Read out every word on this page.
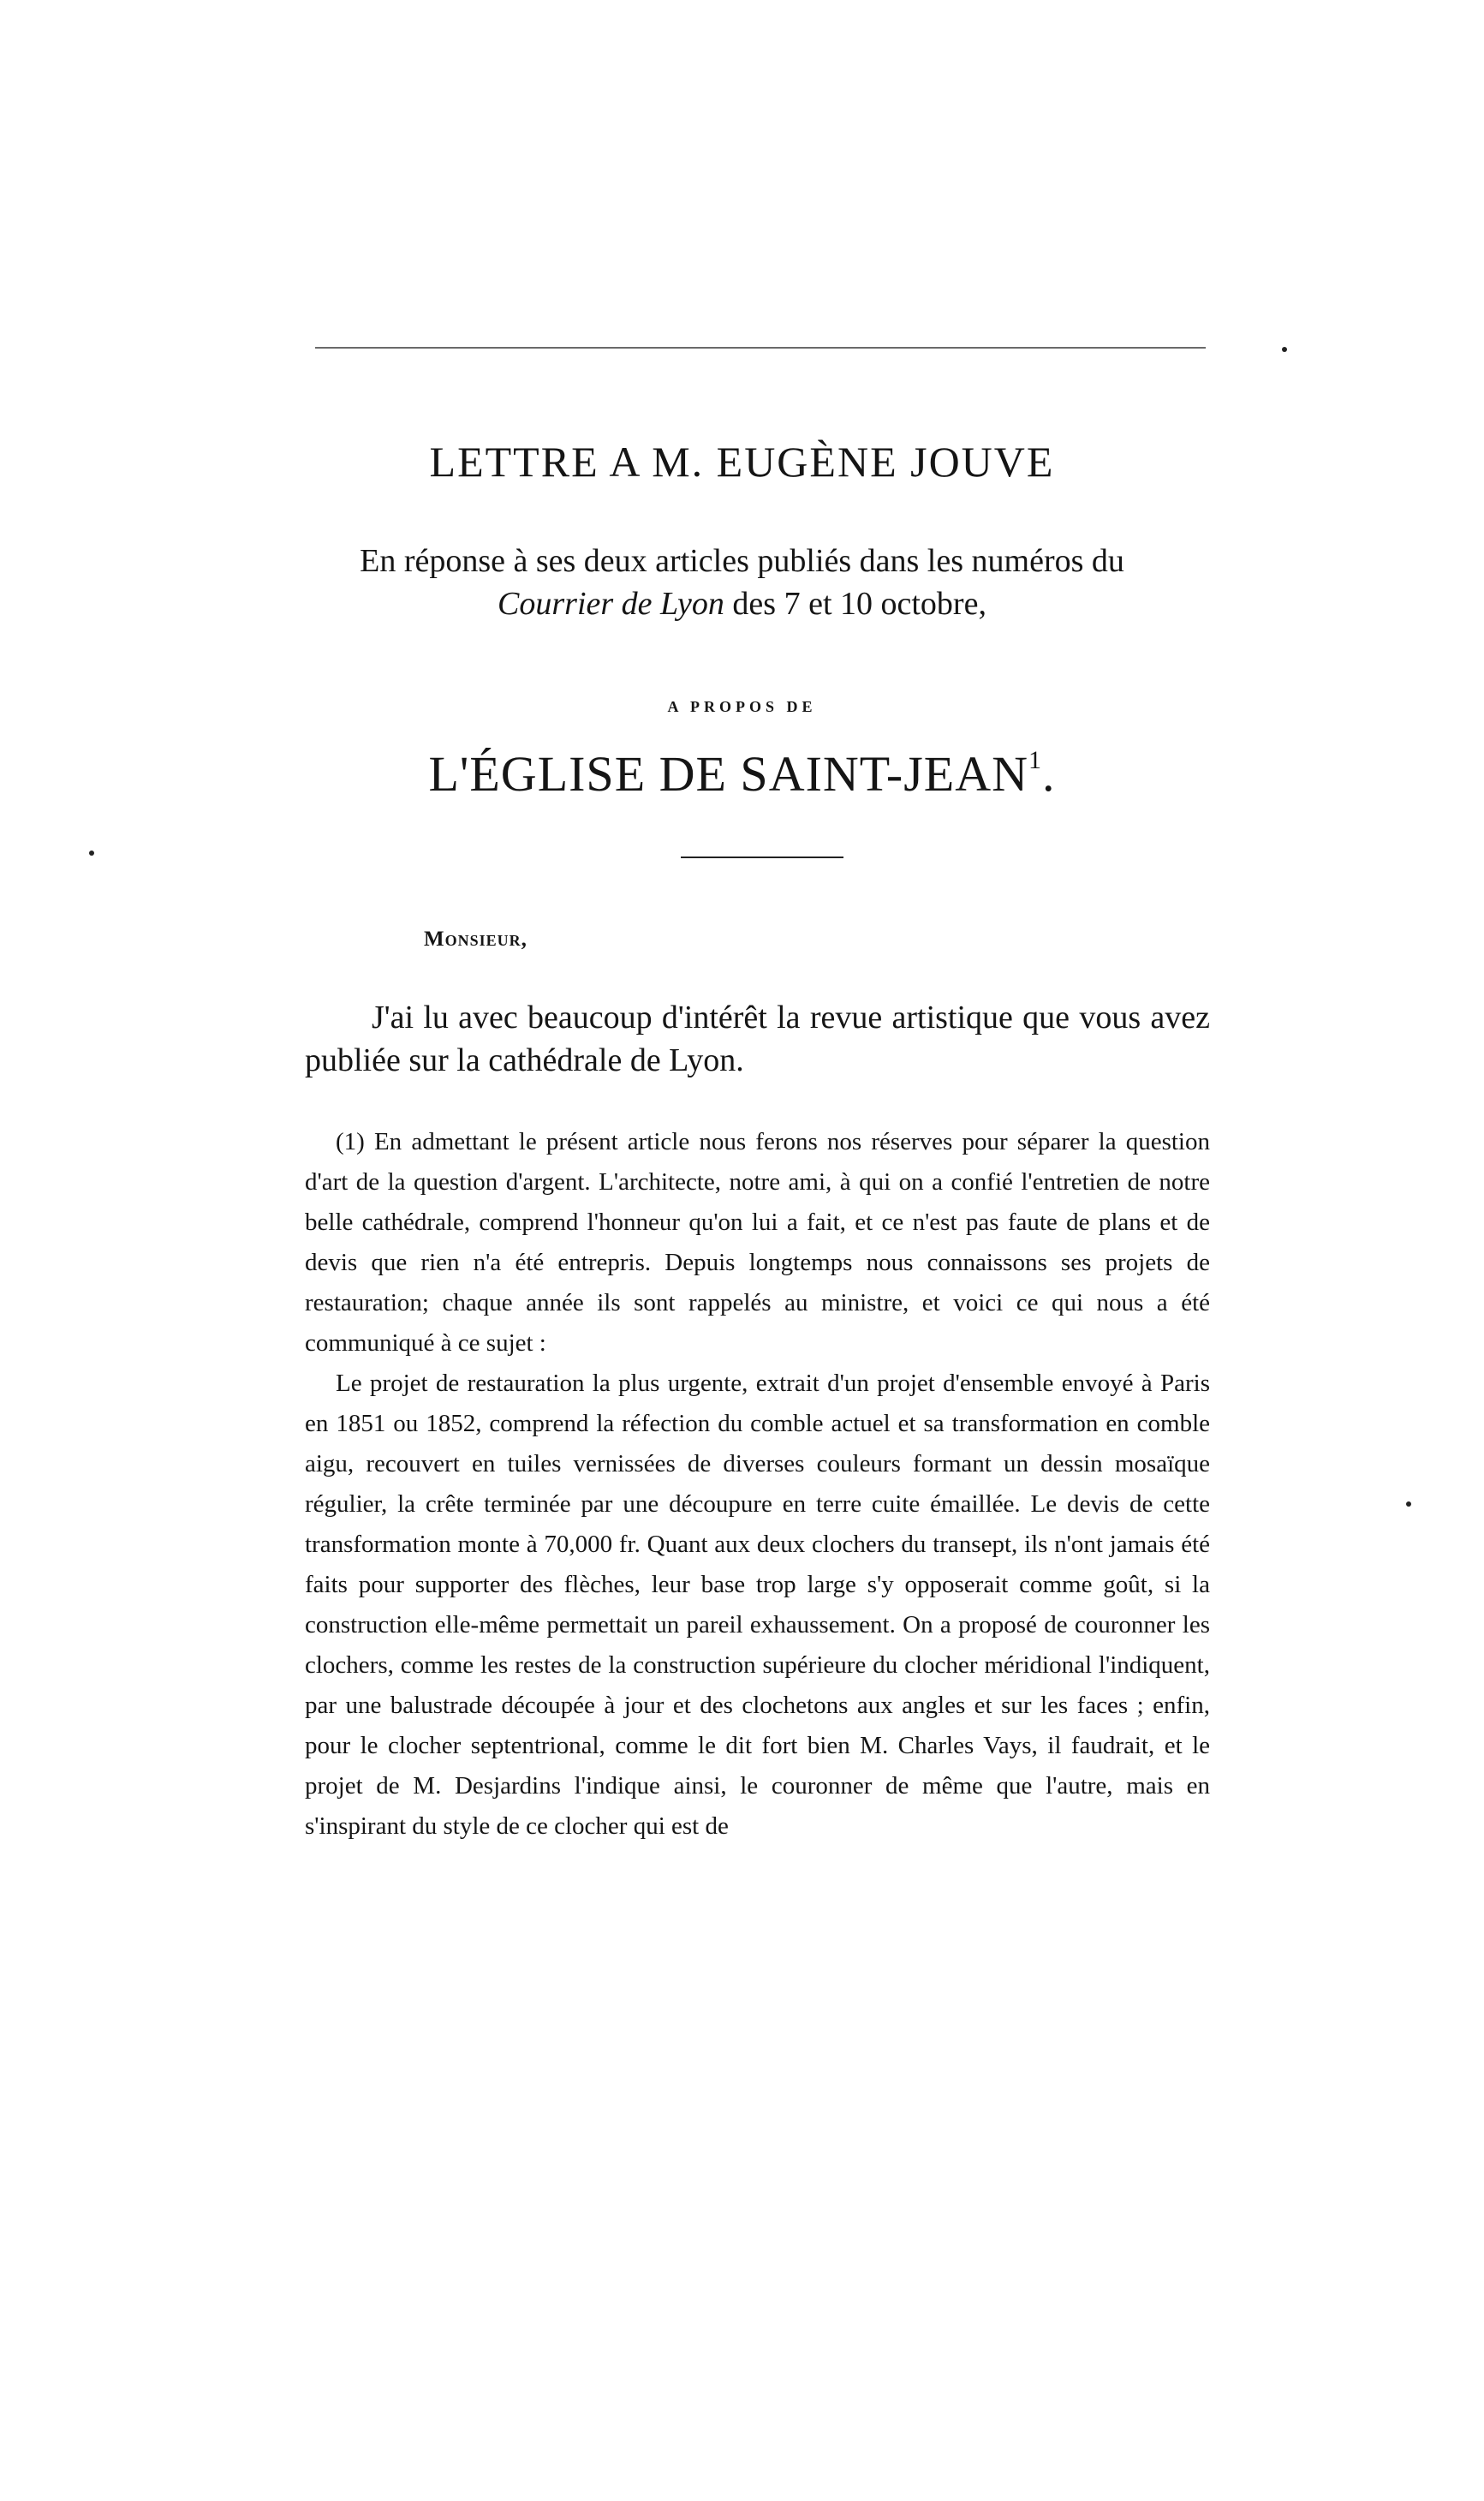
LETTRE A M. EUGÈNE JOUVE
En réponse à ses deux articles publiés dans les numéros du
Courrier de Lyon des 7 et 10 octobre,
A PROPOS DE
L'ÉGLISE DE SAINT-JEAN$^1$.
Monsieur,
J'ai lu avec beaucoup d'intérêt la revue artistique que vous avez publiée sur la cathédrale de Lyon.

(1) En admettant le présent article nous ferons nos réserves pour séparer la question d'art de la question d'argent. L'architecte, notre ami, à qui on a confié l'entretien de notre belle cathédrale, comprend l'honneur qu'on lui a fait, et ce n'est pas faute de plans et de devis que rien n'a été entrepris. Depuis longtemps nous connaissons ses projets de restauration; chaque année ils sont rappelés au ministre, et voici ce qui nous a été communiqué à ce sujet :

Le projet de restauration la plus urgente, extrait d'un projet d'ensemble envoyé à Paris en 1851 ou 1852, comprend la réfection du comble actuel et sa transformation en comble aigu, recouvert en tuiles vernissées de diverses couleurs formant un dessin mosaïque régulier, la crête terminée par une découpure en terre cuite émaillée. Le devis de cette transformation monte à 70,000 fr. Quant aux deux clochers du transept, ils n'ont jamais été faits pour supporter des flèches, leur base trop large s'y opposerait comme goût, si la construction elle-même permettait un pareil exhaussement. On a proposé de couronner les clochers, comme les restes de la construction supérieure du clocher méridional l'indiquent, par une balustrade découpée à jour et des clochetons aux angles et sur les faces ; enfin, pour le clocher septentrional, comme le dit fort bien M. Charles Vays, il faudrait, et le projet de M. Desjardins l'indique ainsi, le couronner de même que l'autre, mais en s'inspirant du style de ce clocher qui est de
